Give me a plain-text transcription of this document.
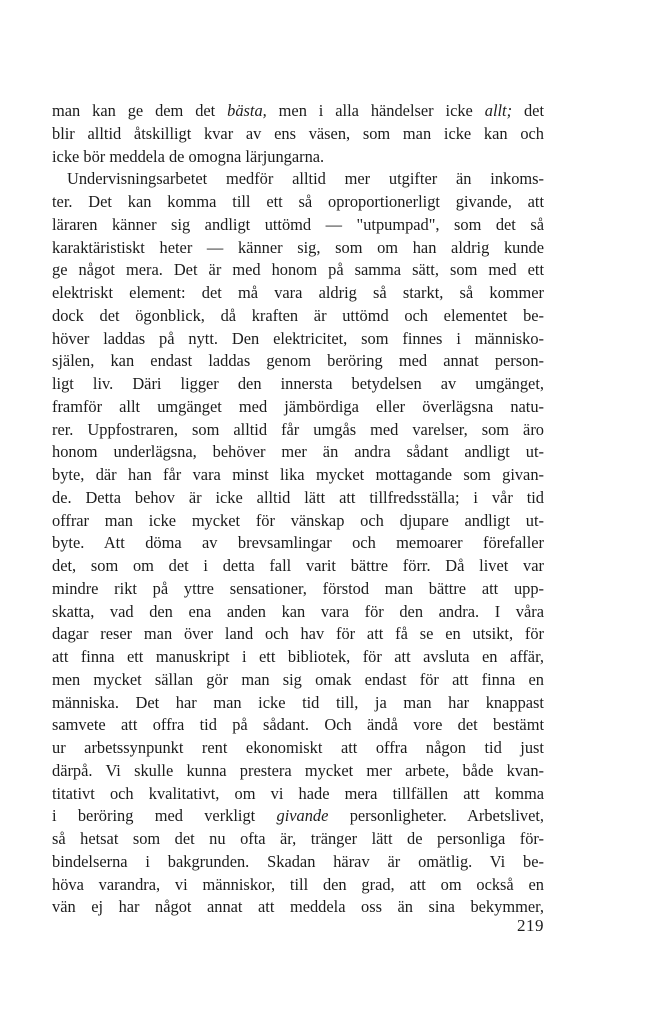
man kan ge dem det bästa, men i alla händelser icke allt; det
blir alltid åtskilligt kvar av ens väsen, som man icke kan och
icke bör meddela de omogna lärjungarna.
Undervisningsarbetet medför alltid mer utgifter än inkoms-
ter. Det kan komma till ett så oproportionerligt givande, att
läraren känner sig andligt uttömd — "utpumpad", som det så
karaktäristiskt heter — känner sig, som om han aldrig kunde
ge något mera. Det är med honom på samma sätt, som med ett
elektriskt element: det må vara aldrig så starkt, så kommer
dock det ögonblick, då kraften är uttömd och elementet be-
höver laddas på nytt. Den elektricitet, som finnes i människo-
själen, kan endast laddas genom beröring med annat person-
ligt liv. Däri ligger den innersta betydelsen av umgänget,
framför allt umgänget med jämbördiga eller överlägsna natu-
rer. Uppfostraren, som alltid får umgås med varelser, som äro
honom underlägsna, behöver mer än andra sådant andligt ut-
byte, där han får vara minst lika mycket mottagande som givan-
de. Detta behov är icke alltid lätt att tillfredsställa; i vår tid
offrar man icke mycket för vänskap och djupare andligt ut-
byte. Att döma av brevsamlingar och memoarer förefaller
det, som om det i detta fall varit bättre förr. Då livet var
mindre rikt på yttre sensationer, förstod man bättre att upp-
skatta, vad den ena anden kan vara för den andra. I våra
dagar reser man över land och hav för att få se en utsikt, för
att finna ett manuskript i ett bibliotek, för att avsluta en affär,
men mycket sällan gör man sig omak endast för att finna en
människa. Det har man icke tid till, ja man har knappast
samvete att offra tid på sådant. Och ändå vore det bestämt
ur arbetssynpunkt rent ekonomiskt att offra någon tid just
därpå. Vi skulle kunna prestera mycket mer arbete, både kvan-
titativt och kvalitativt, om vi hade mera tillfällen att komma
i beröring med verkligt givande personligheter. Arbetslivet,
så hetsat som det nu ofta är, tränger lätt de personliga för-
bindelserna i bakgrunden. Skadan härav är omätlig. Vi be-
höva varandra, vi människor, till den grad, att om också en
vän ej har något annat att meddela oss än sina bekymmer,
219
